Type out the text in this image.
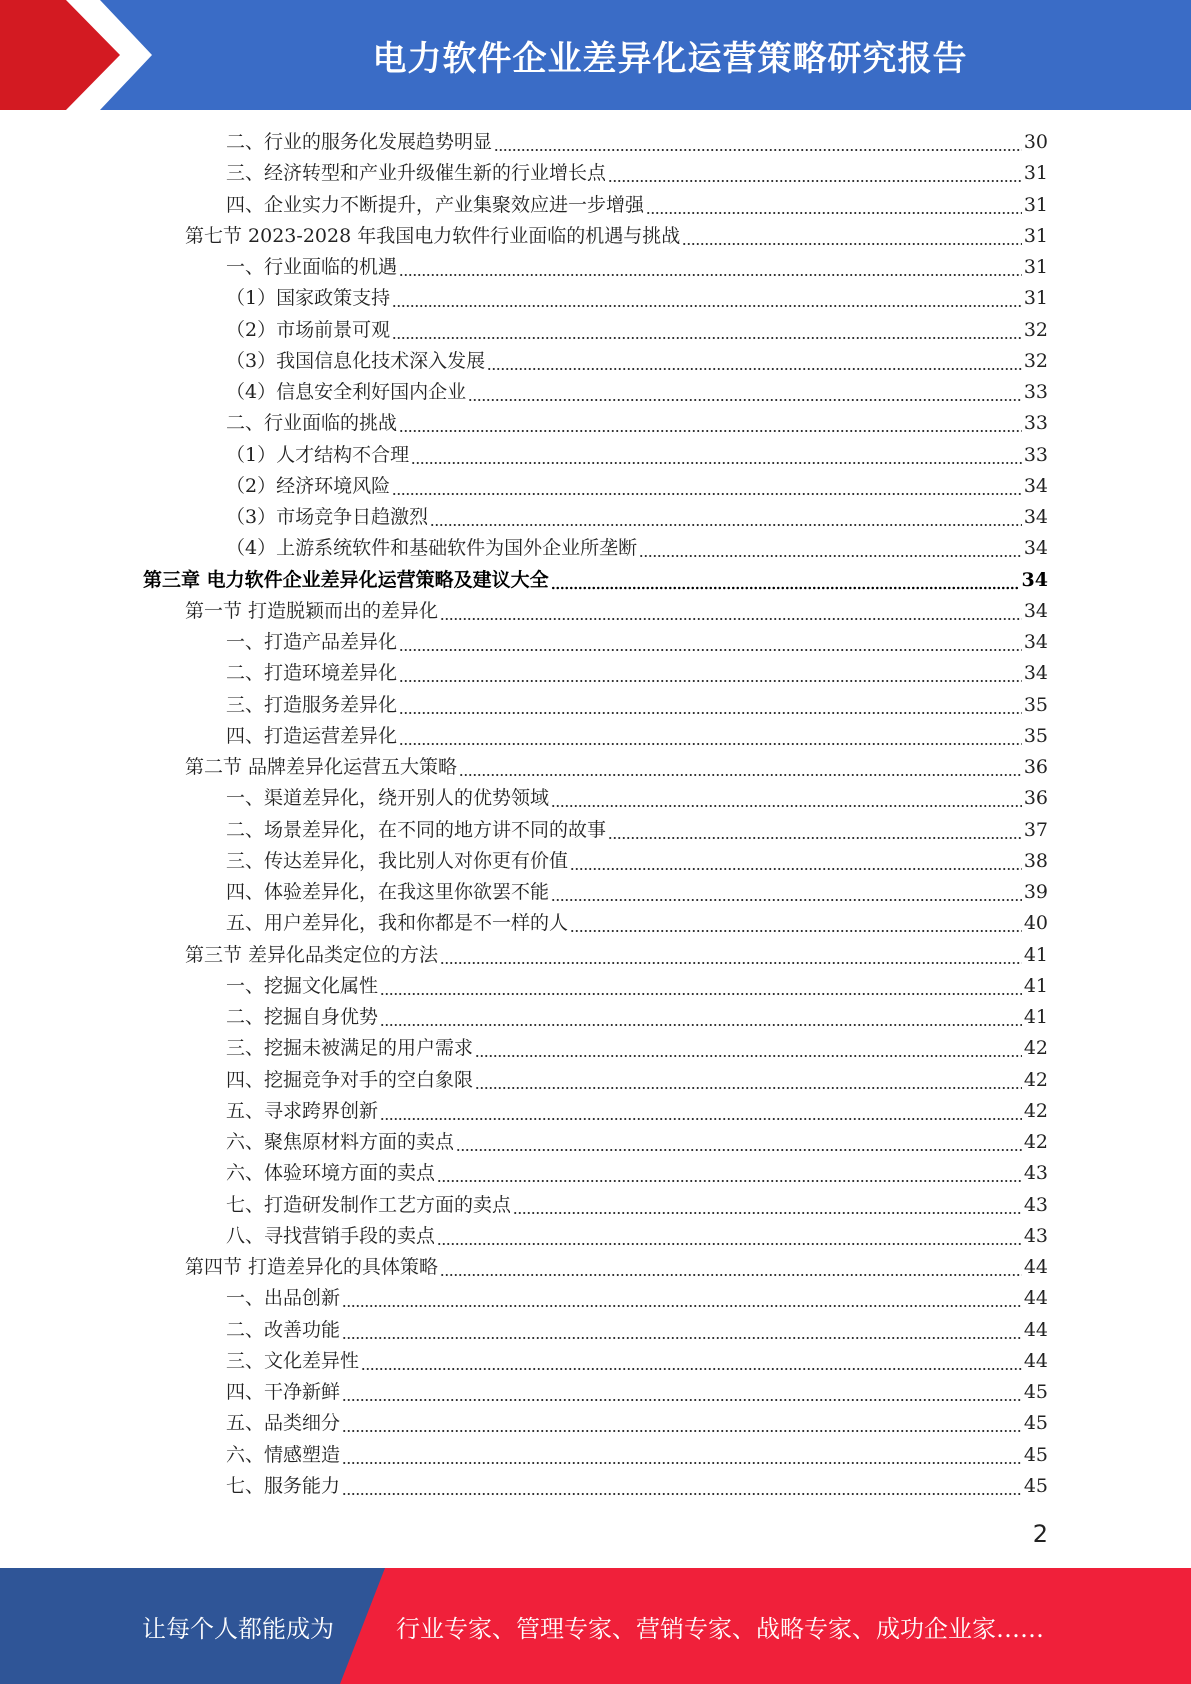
电力软件企业差异化运营策略研究报告
二、行业的服务化发展趋势明显	30
三、经济转型和产业升级催生新的行业增长点	31
四、企业实力不断提升，产业集聚效应进一步增强	31
第七节 2023-2028 年我国电力软件行业面临的机遇与挑战	31
一、行业面临的机遇	31
（1）国家政策支持	31
（2）市场前景可观	32
（3）我国信息化技术深入发展	32
（4）信息安全利好国内企业	33
二、行业面临的挑战	33
（1）人才结构不合理	33
（2）经济环境风险	34
（3）市场竞争日趋激烈	34
（4）上游系统软件和基础软件为国外企业所垄断	34
第三章 电力软件企业差异化运营策略及建议大全	34
第一节 打造脱颖而出的差异化	34
一、打造产品差异化	34
二、打造环境差异化	34
三、打造服务差异化	35
四、打造运营差异化	35
第二节 品牌差异化运营五大策略	36
一、渠道差异化，绕开别人的优势领域	36
二、场景差异化，在不同的地方讲不同的故事	37
三、传达差异化，我比别人对你更有价值	38
四、体验差异化，在我这里你欲罢不能	39
五、用户差异化，我和你都是不一样的人	40
第三节 差异化品类定位的方法	41
一、挖掘文化属性	41
二、挖掘自身优势	41
三、挖掘未被满足的用户需求	42
四、挖掘竞争对手的空白象限	42
五、寻求跨界创新	42
六、聚焦原材料方面的卖点	42
六、体验环境方面的卖点	43
七、打造研发制作工艺方面的卖点	43
八、寻找营销手段的卖点	43
第四节 打造差异化的具体策略	44
一、出品创新	44
二、改善功能	44
三、文化差异性	44
四、干净新鲜	45
五、品类细分	45
六、情感塑造	45
七、服务能力	45
2
让每个人都能成为	行业专家、管理专家、营销专家、战略专家、成功企业家……
